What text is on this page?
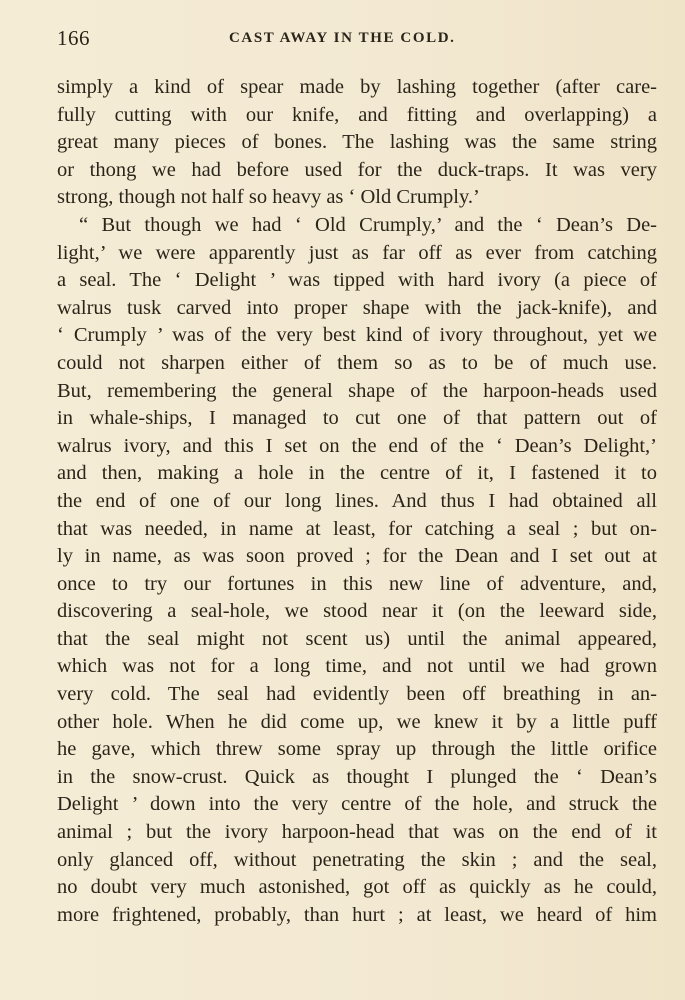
166	CAST AWAY IN THE COLD.
simply a kind of spear made by lashing together (after care-
fully cutting with our knife, and fitting and overlapping) a
great many pieces of bones. The lashing was the same string
or thong we had before used for the duck-traps. It was very
strong, though not half so heavy as ‘ Old Crumply.’
“ But though we had ‘ Old Crumply,’ and the ‘ Dean’s De-
light,’ we were apparently just as far off as ever from catching
a seal. The ‘ Delight ’ was tipped with hard ivory (a piece of
walrus tusk carved into proper shape with the jack-knife), and
‘ Crumply ’ was of the very best kind of ivory throughout, yet we
could not sharpen either of them so as to be of much use.
But, remembering the general shape of the harpoon-heads used
in whale-ships, I managed to cut one of that pattern out of
walrus ivory, and this I set on the end of the ‘ Dean’s Delight,’
and then, making a hole in the centre of it, I fastened it to
the end of one of our long lines. And thus I had obtained all
that was needed, in name at least, for catching a seal ; but on-
ly in name, as was soon proved ; for the Dean and I set out at
once to try our fortunes in this new line of adventure, and,
discovering a seal-hole, we stood near it (on the leeward side,
that the seal might not scent us) until the animal appeared,
which was not for a long time, and not until we had grown
very cold. The seal had evidently been off breathing in an-
other hole. When he did come up, we knew it by a little puff
he gave, which threw some spray up through the little orifice
in the snow-crust. Quick as thought I plunged the ‘ Dean’s
Delight ’ down into the very centre of the hole, and struck the
animal ; but the ivory harpoon-head that was on the end of it
only glanced off, without penetrating the skin ; and the seal,
no doubt very much astonished, got off as quickly as he could,
more frightened, probably, than hurt ; at least, we heard of him
